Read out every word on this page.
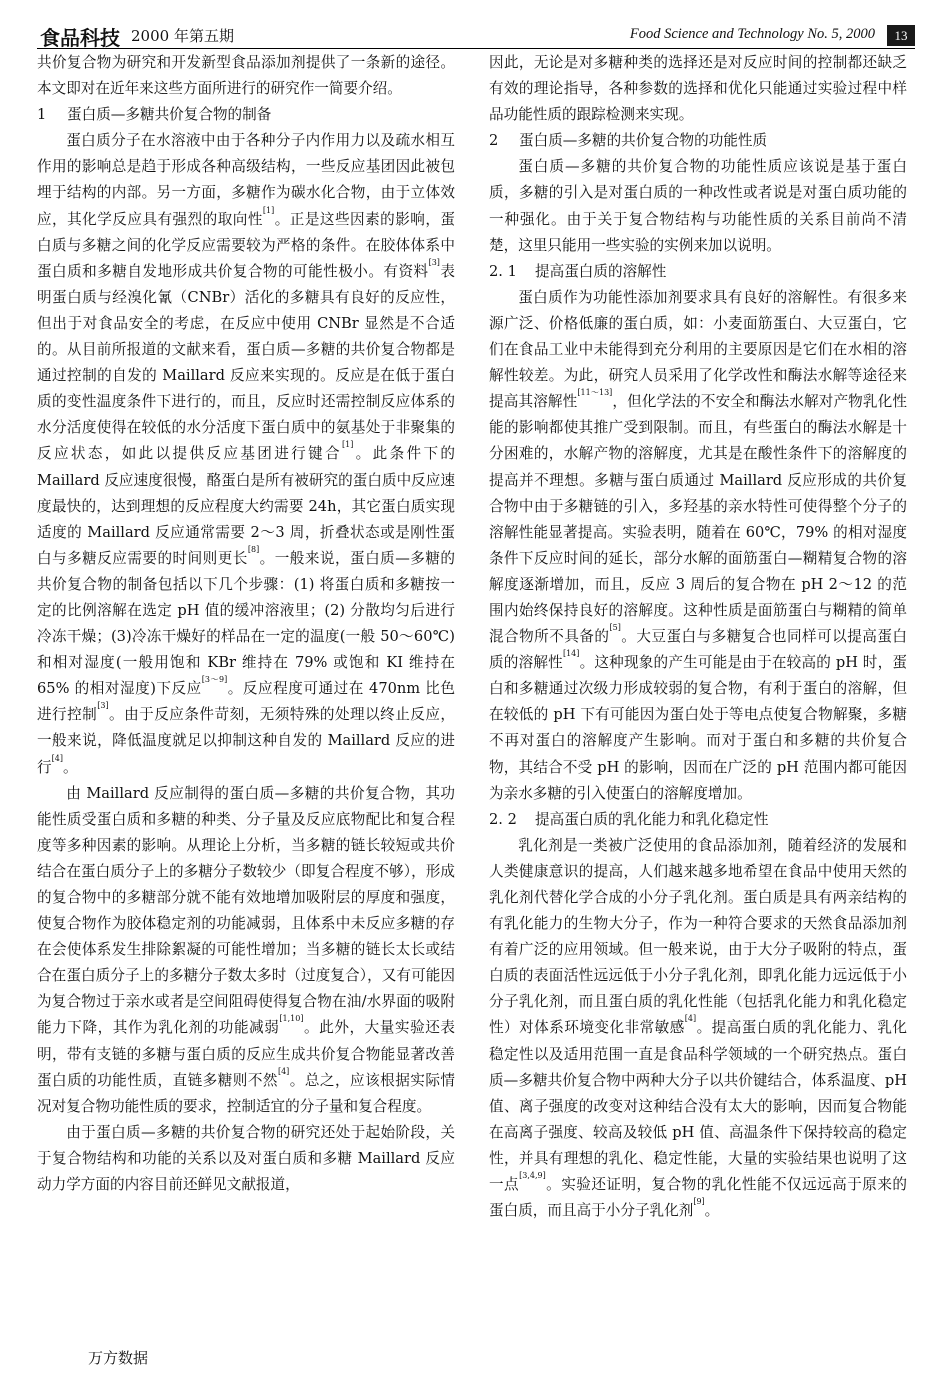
食品科技 2000 年第五期	Food Science and Technology No. 5, 2000	13

共价复合物为研究和开发新型食品添加剂提供了一条新的途径。本文即对在近年来这些方面所进行的研究作一简要介绍。

1 蛋白质—多糖共价复合物的制备

蛋白质分子在水溶液中由于各种分子内作用力以及疏水相互作用的影响总是趋于形成各种高级结构，一些反应基团因此被包埋于结构的内部。另一方面，多糖作为碳水化合物，由于立体效应，其化学反应具有强烈的取向性[1]。正是这些因素的影响，蛋白质与多糖之间的化学反应需要较为严格的条件。在胶体体系中蛋白质和多糖自发地形成共价复合物的可能性极小。有资料[3]表明蛋白质与经溴化氰（CNBr）活化的多糖具有良好的反应性，但出于对食品安全的考虑，在反应中使用 CNBr 显然是不合适的。从目前所报道的文献来看，蛋白质—多糖的共价复合物都是通过控制的自发的 Maillard 反应来实现的。反应是在低于蛋白质的变性温度条件下进行的，而且，反应时还需控制反应体系的水分活度使得在较低的水分活度下蛋白质中的氨基处于非聚集的反应状态，如此以提供反应基团进行键合[1]。此条件下的 Maillard 反应速度很慢，酪蛋白是所有被研究的蛋白质中反应速度最快的，达到理想的反应程度大约需要 24h，其它蛋白质实现适度的 Maillard 反应通常需要 2～3 周，折叠状态或是刚性蛋白与多糖反应需要的时间则更长[8]。一般来说，蛋白质—多糖的共价复合物的制备包括以下几个步骤：(1) 将蛋白质和多糖按一定的比例溶解在选定 pH 值的缓冲溶液里；(2) 分散均匀后进行冷冻干燥；(3)冷冻干燥好的样品在一定的温度(一般 50～60℃)和相对湿度(一般用饱和 KBr 维持在 79% 或饱和 KI 维持在 65% 的相对湿度)下反应[3～9]。反应程度可通过在 470nm 比色进行控制[3]。由于反应条件苛刻，无须特殊的处理以终止反应，一般来说，降低温度就足以抑制这种自发的 Maillard 反应的进行[4]。

由 Maillard 反应制得的蛋白质—多糖的共价复合物，其功能性质受蛋白质和多糖的种类、分子量及反应底物配比和复合程度等多种因素的影响。从理论上分析，当多糖的链长较短或共价结合在蛋白质分子上的多糖分子数较少（即复合程度不够），形成的复合物中的多糖部分就不能有效地增加吸附层的厚度和强度，使复合物作为胶体稳定剂的功能减弱，且体系中未反应多糖的存在会使体系发生排除絮凝的可能性增加；当多糖的链长太长或结合在蛋白质分子上的多糖分子数太多时（过度复合），又有可能因为复合物过于亲水或者是空间阻碍使得复合物在油/水界面的吸附能力下降，其作为乳化剂的功能减弱[1,10]。此外，大量实验还表明，带有支链的多糖与蛋白质的反应生成共价复合物能显著改善蛋白质的功能性质，直链多糖则不然[4]。总之，应该根据实际情况对复合物功能性质的要求，控制适宜的分子量和复合程度。

由于蛋白质—多糖的共价复合物的研究还处于起始阶段，关于复合物结构和功能的关系以及对蛋白质和多糖 Maillard 反应动力学方面的内容目前还鲜见文献报道，

因此，无论是对多糖种类的选择还是对反应时间的控制都还缺乏有效的理论指导，各种参数的选择和优化只能通过实验过程中样品功能性质的跟踪检测来实现。

2 蛋白质—多糖的共价复合物的功能性质

蛋白质—多糖的共价复合物的功能性质应该说是基于蛋白质，多糖的引入是对蛋白质的一种改性或者说是对蛋白质功能的一种强化。由于关于复合物结构与功能性质的关系目前尚不清楚，这里只能用一些实验的实例来加以说明。

2. 1 提高蛋白质的溶解性

蛋白质作为功能性添加剂要求具有良好的溶解性。有很多来源广泛、价格低廉的蛋白质，如：小麦面筋蛋白、大豆蛋白，它们在食品工业中未能得到充分利用的主要原因是它们在水相的溶解性较差。为此，研究人员采用了化学改性和酶法水解等途径来提高其溶解性[11～13]，但化学法的不安全和酶法水解对产物乳化性能的影响都使其推广受到限制。而且，有些蛋白的酶法水解是十分困难的，水解产物的溶解度，尤其是在酸性条件下的溶解度的提高并不理想。多糖与蛋白质通过 Maillard 反应形成的共价复合物中由于多糖链的引入，多羟基的亲水特性可使得整个分子的溶解性能显著提高。实验表明，随着在 60℃，79% 的相对湿度条件下反应时间的延长，部分水解的面筋蛋白—糊精复合物的溶解度逐渐增加，而且，反应 3 周后的复合物在 pH 2～12 的范围内始终保持良好的溶解度。这种性质是面筋蛋白与糊精的简单混合物所不具备的[5]。大豆蛋白与多糖复合也同样可以提高蛋白质的溶解性[14]。这种现象的产生可能是由于在较高的 pH 时，蛋白和多糖通过次级力形成较弱的复合物，有利于蛋白的溶解，但在较低的 pH 下有可能因为蛋白处于等电点使复合物解聚，多糖不再对蛋白的溶解度产生影响。而对于蛋白和多糖的共价复合物，其结合不受 pH 的影响，因而在广泛的 pH 范围内都可能因为亲水多糖的引入使蛋白的溶解度增加。

2. 2 提高蛋白质的乳化能力和乳化稳定性

乳化剂是一类被广泛使用的食品添加剂，随着经济的发展和人类健康意识的提高，人们越来越多地希望在食品中使用天然的乳化剂代替化学合成的小分子乳化剂。蛋白质是具有两亲结构的有乳化能力的生物大分子，作为一种符合要求的天然食品添加剂有着广泛的应用领域。但一般来说，由于大分子吸附的特点，蛋白质的表面活性远远低于小分子乳化剂，即乳化能力远远低于小分子乳化剂，而且蛋白质的乳化性能（包括乳化能力和乳化稳定性）对体系环境变化非常敏感[4]。提高蛋白质的乳化能力、乳化稳定性以及适用范围一直是食品科学领域的一个研究热点。蛋白质—多糖共价复合物中两种大分子以共价键结合，体系温度、pH 值、离子强度的改变对这种结合没有太大的影响，因而复合物能在高离子强度、较高及较低 pH 值、高温条件下保持较高的稳定性，并具有理想的乳化、稳定性能，大量的实验结果也说明了这一点[3,4,9]。实验还证明，复合物的乳化性能不仅远远高于原来的蛋白质，而且高于小分子乳化剂[9]。

万方数据
